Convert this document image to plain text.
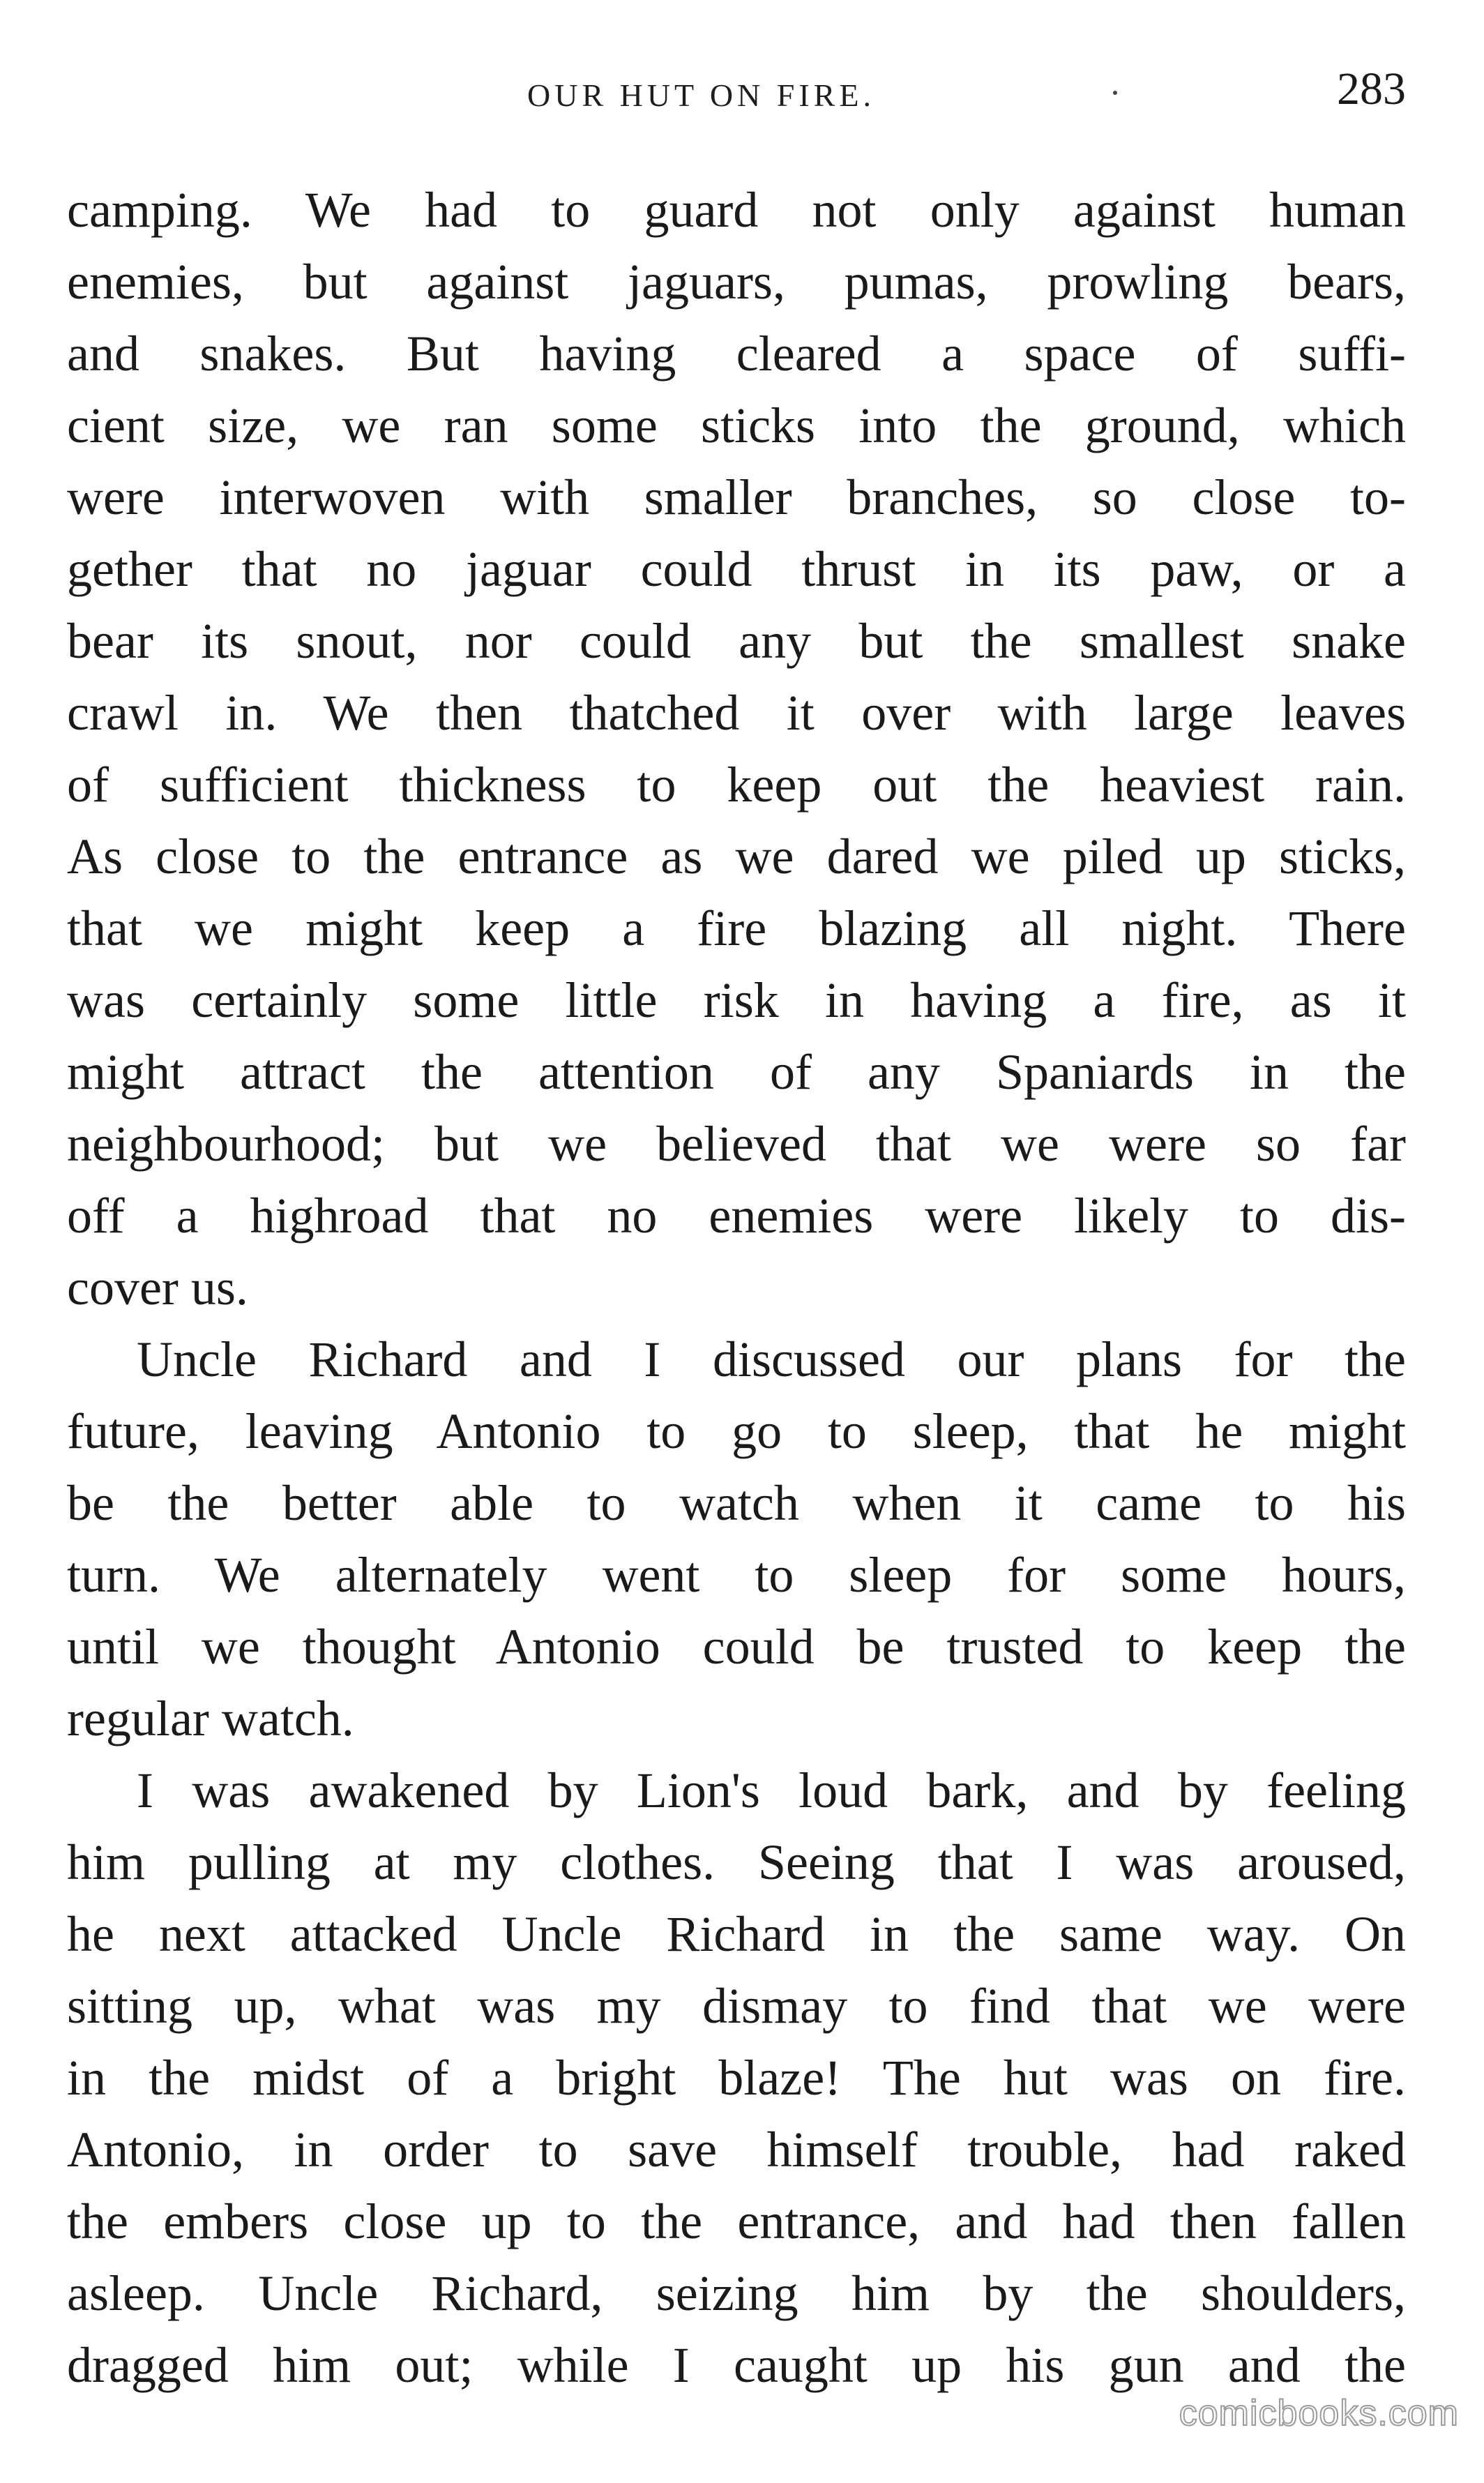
OUR HUT ON FIRE.	283
camping. We had to guard not only against human
enemies, but against jaguars, pumas, prowling bears,
and snakes. But having cleared a space of suffi-
cient size, we ran some sticks into the ground, which
were interwoven with smaller branches, so close to-
gether that no jaguar could thrust in its paw, or a
bear its snout, nor could any but the smallest snake
crawl in. We then thatched it over with large leaves
of sufficient thickness to keep out the heaviest rain.
As close to the entrance as we dared we piled up sticks,
that we might keep a fire blazing all night. There
was certainly some little risk in having a fire, as it
might attract the attention of any Spaniards in the
neighbourhood; but we believed that we were so far
off a highroad that no enemies were likely to dis-
cover us.
Uncle Richard and I discussed our plans for the
future, leaving Antonio to go to sleep, that he might
be the better able to watch when it came to his
turn. We alternately went to sleep for some hours,
until we thought Antonio could be trusted to keep the
regular watch.
I was awakened by Lion's loud bark, and by feeling
him pulling at my clothes. Seeing that I was aroused,
he next attacked Uncle Richard in the same way. On
sitting up, what was my dismay to find that we were
in the midst of a bright blaze! The hut was on fire.
Antonio, in order to save himself trouble, had raked
the embers close up to the entrance, and had then fallen
asleep. Uncle Richard, seizing him by the shoulders,
dragged him out; while I caught up his gun and the
comicbooks.com
